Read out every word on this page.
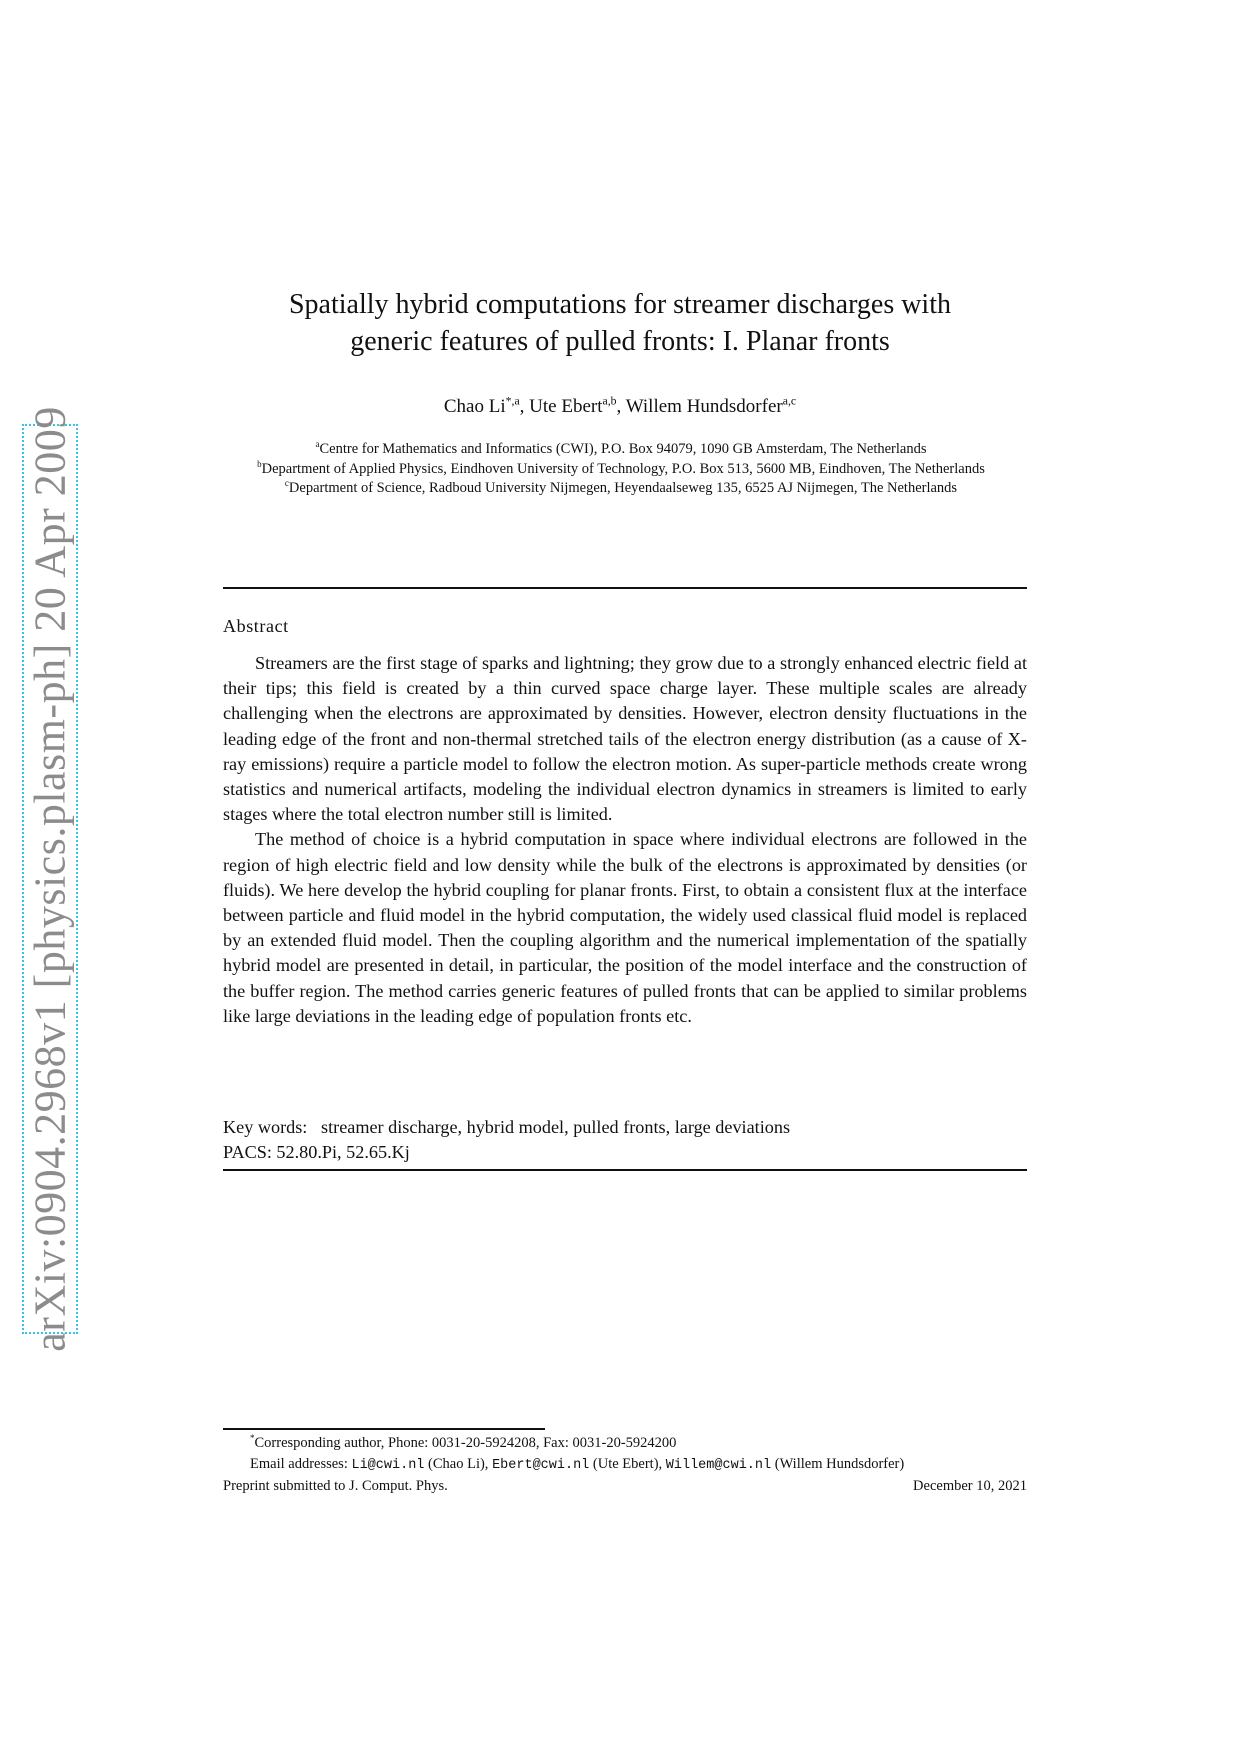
arXiv:0904.2968v1 [physics.plasm-ph] 20 Apr 2009
Spatially hybrid computations for streamer discharges with
generic features of pulled fronts: I. Planar fronts
Chao $Li^{*,a}$, Ute Ebert$^{a,b}$, Willem Hundsdorfer$^{a,c}$
$^a$Centre for Mathematics and Informatics (CWI), P.O. Box 94079, 1090 GB Amsterdam, The Netherlands
$^b$Department of Applied Physics, Eindhoven University of Technology, P.O. Box 513, 5600 MB, Eindhoven, The Netherlands
$^c$Department of Science, Radboud University Nijmegen, Heyendaalseweg 135, 6525 AJ Nijmegen, The Netherlands
Abstract

Streamers are the first stage of sparks and lightning; they grow due to a strongly enhanced electric field at their tips; this field is created by a thin curved space charge layer. These multiple scales are already challenging when the electrons are approximated by densities. However, electron density fluctuations in the leading edge of the front and non-thermal stretched tails of the electron energy distribution (as a cause of X-ray emissions) require a particle model to follow the electron motion. As super-particle methods create wrong statistics and numerical artifacts, modeling the individual electron dynamics in streamers is limited to early stages where the total electron number still is limited.

The method of choice is a hybrid computation in space where individual electrons are followed in the region of high electric field and low density while the bulk of the electrons is approximated by densities (or fluids). We here develop the hybrid coupling for planar fronts. First, to obtain a consistent flux at the interface between particle and fluid model in the hybrid computation, the widely used classical fluid model is replaced by an extended fluid model. Then the coupling algorithm and the numerical implementation of the spatially hybrid model are presented in detail, in particular, the position of the model interface and the construction of the buffer region. The method carries generic features of pulled fronts that can be applied to similar problems like large deviations in the leading edge of population fronts etc.

Key words: streamer discharge, hybrid model, pulled fronts, large deviations
PACS: 52.80.Pi, 52.65.Kj
*Corresponding author, Phone: 0031-20-5924208, Fax: 0031-20-5924200
Email addresses: Li@cwi.nl (Chao Li), Ebert@cwi.nl (Ute Ebert), Willem@cwi.nl (Willem Hundsdorfer)
Preprint submitted to J. Comput. Phys.	December 10, 2021
